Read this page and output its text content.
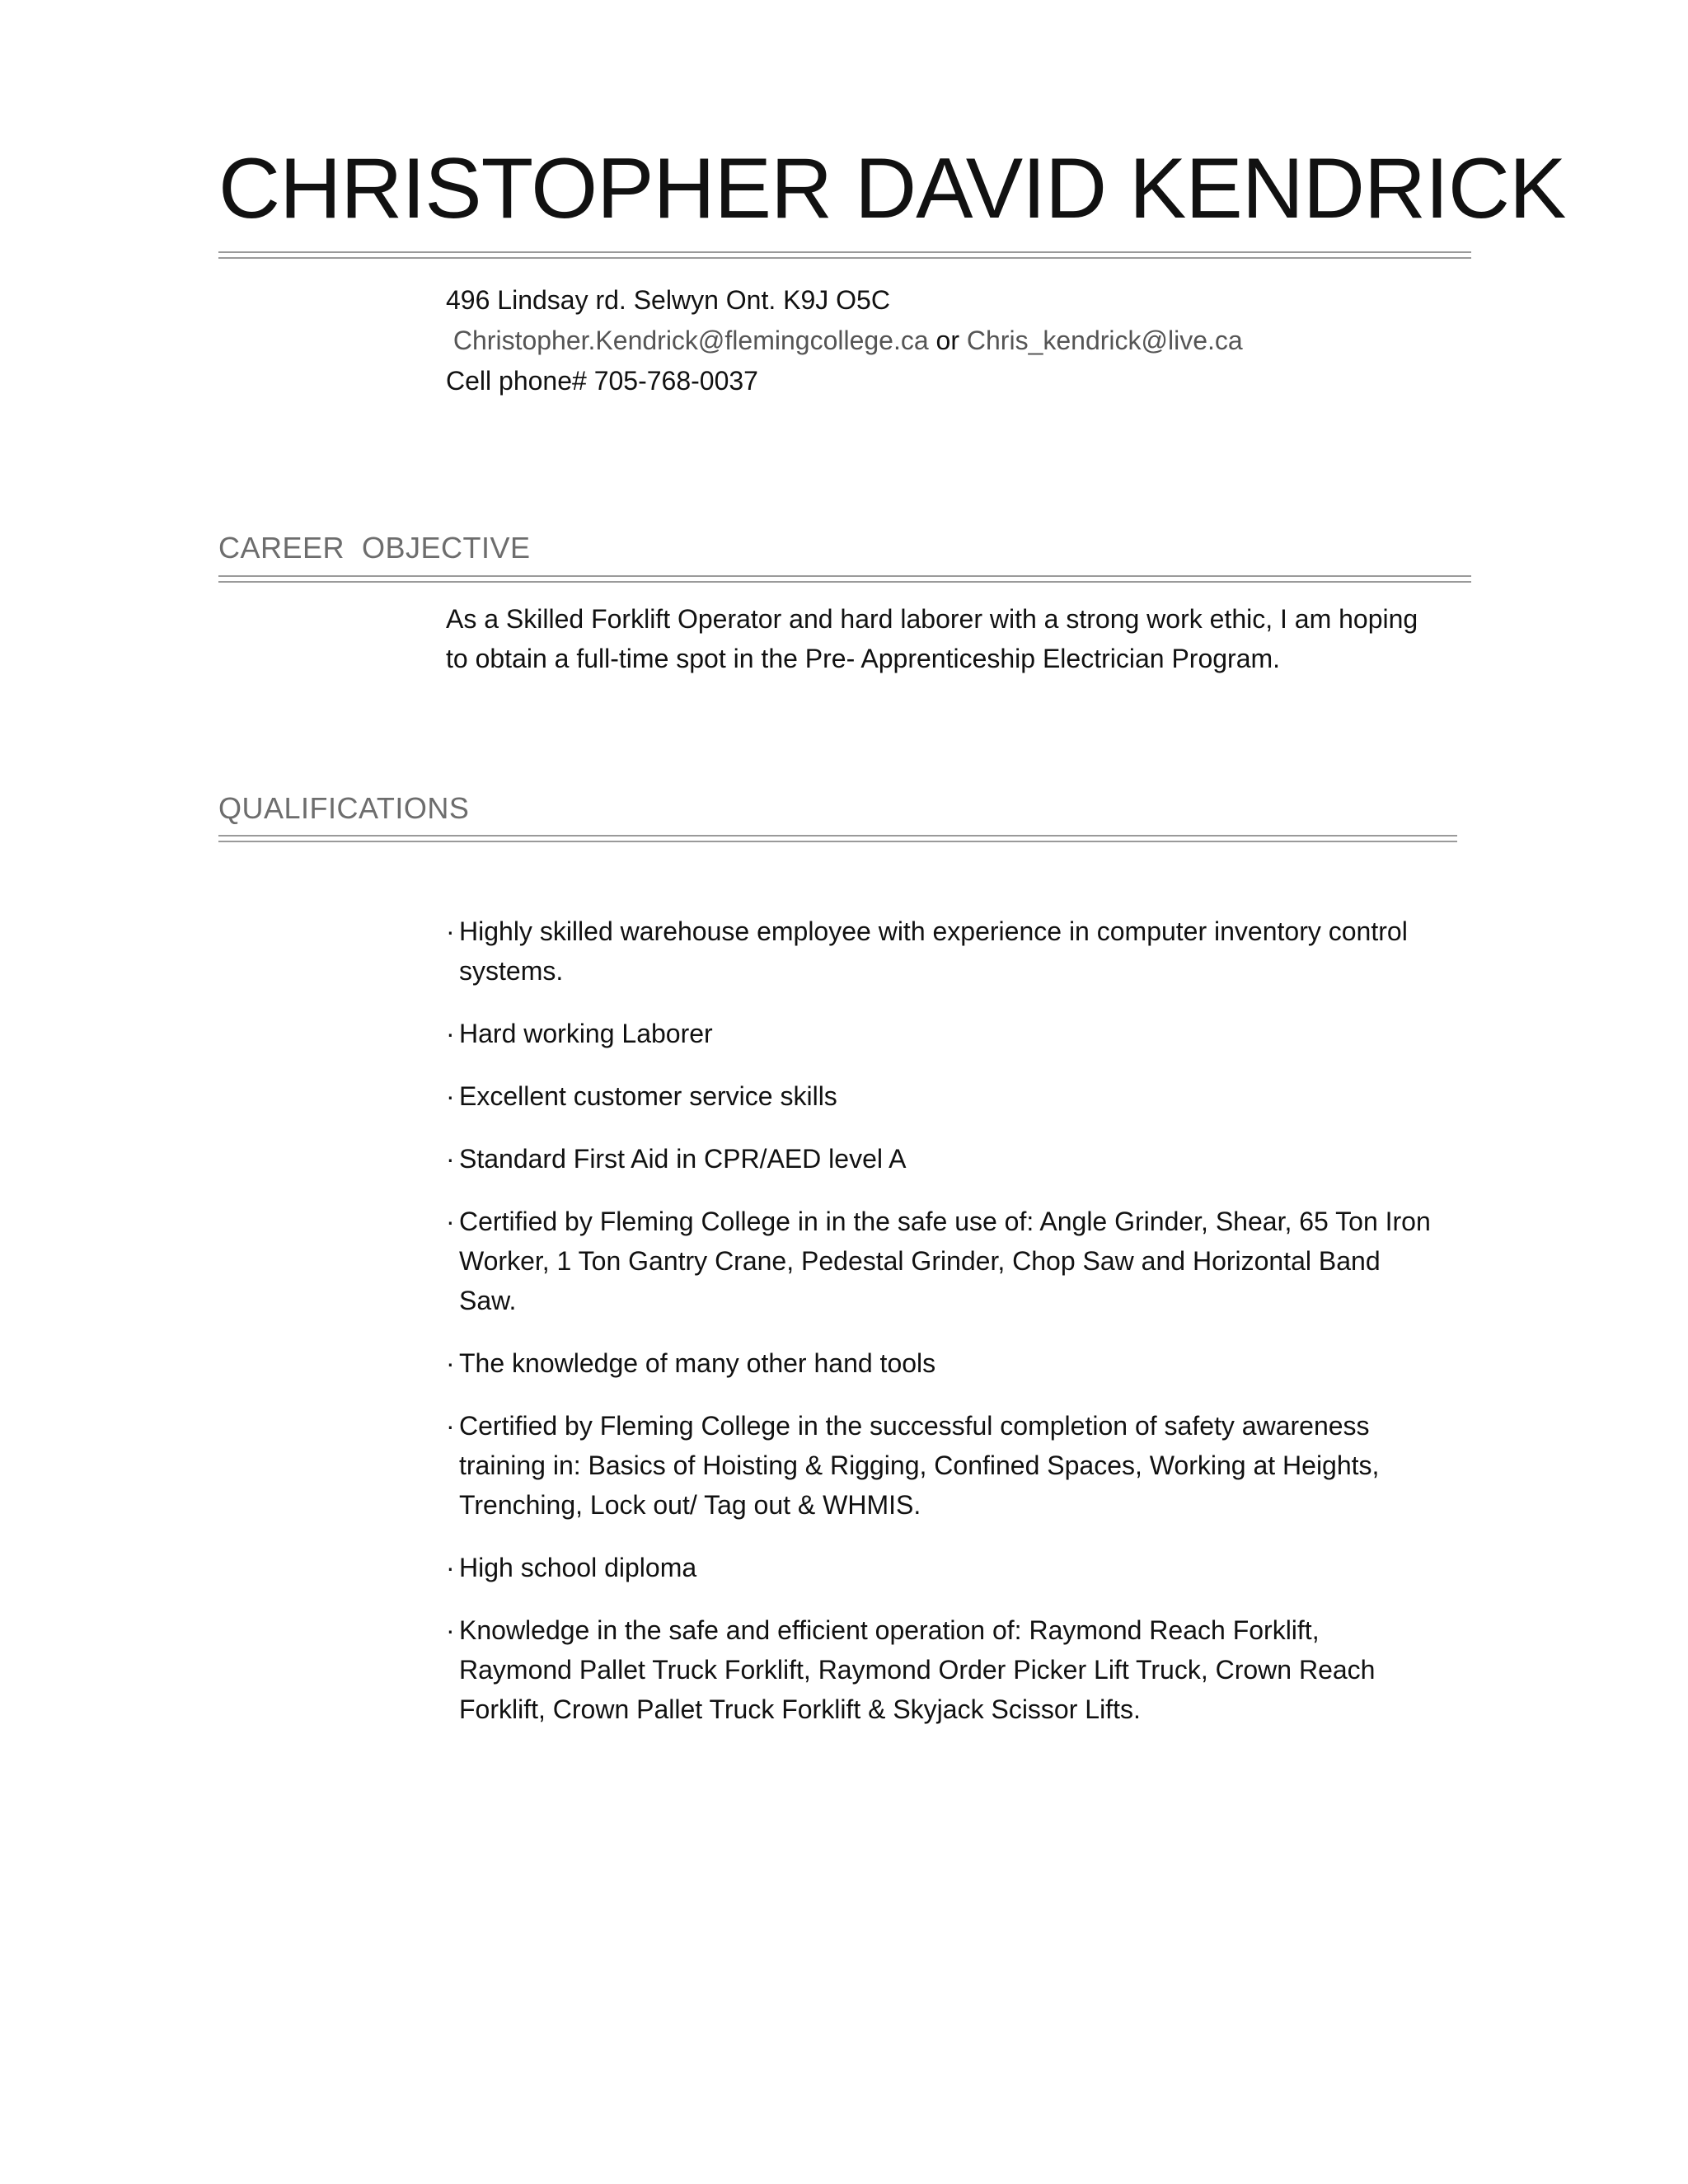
CHRISTOPHER DAVID KENDRICK
496 Lindsay rd. Selwyn Ont. K9J O5C
Christopher.Kendrick@flemingcollege.ca or Chris_kendrick@live.ca
Cell phone# 705-768-0037
CAREER  OBJECTIVE
As a Skilled Forklift Operator and hard laborer with a strong work ethic, I am hoping to obtain a full-time spot in the Pre- Apprenticeship Electrician Program.
QUALIFICATIONS
· Highly skilled warehouse employee with experience in computer inventory control systems.
· Hard working Laborer
· Excellent customer service skills
· Standard First Aid in CPR/AED level A
· Certified by Fleming College in in the safe use of: Angle Grinder, Shear, 65 Ton Iron Worker, 1 Ton Gantry Crane, Pedestal Grinder, Chop Saw and Horizontal Band Saw.
· The knowledge of many other hand tools
· Certified by Fleming College in the successful completion of safety awareness training in: Basics of Hoisting & Rigging, Confined Spaces, Working at Heights, Trenching, Lock out/ Tag out & WHMIS.
· High school diploma
· Knowledge in the safe and efficient operation of: Raymond Reach Forklift, Raymond Pallet Truck Forklift, Raymond Order Picker Lift Truck, Crown Reach Forklift, Crown Pallet Truck Forklift & Skyjack Scissor Lifts.
